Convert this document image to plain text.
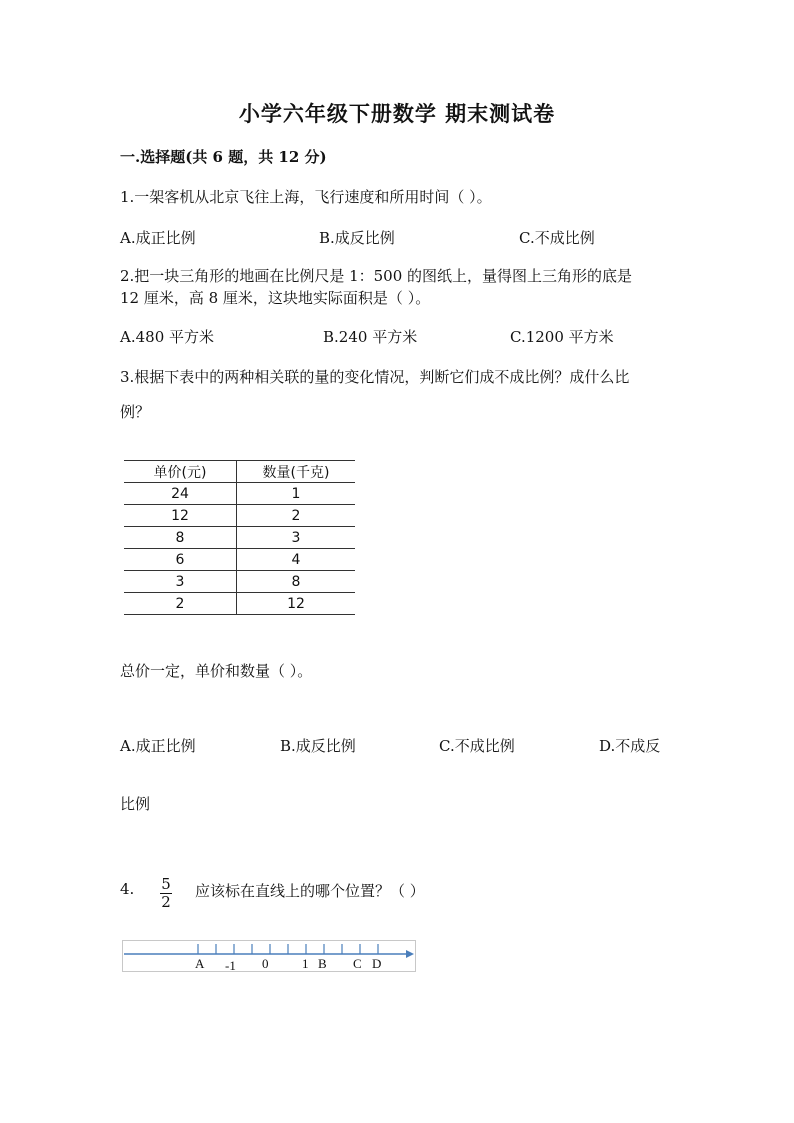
小学六年级下册数学 期末测试卷
一.选择题(共 6 题，共 12 分)
1.一架客机从北京飞往上海，飞行速度和所用时间（ ）。
A.成正比例	B.成反比例	C.不成比例
2.把一块三角形的地画在比例尺是 1：500 的图纸上，量得图上三角形的底是
12 厘米，高 8 厘米，这块地实际面积是（ ）。
A.480 平方米	B.240 平方米	C.1200 平方米
3.根据下表中的两种相关联的量的变化情况，判断它们成不成比例？成什么比
例？
单价(元)	数量(千克)
24	1
12	2
8	3
6	4
3	8
2	12
总价一定，单价和数量（ ）。
A.成正比例	B.成反比例	C.不成比例	D.不成反
比例
4. 5
2
应该标在直线上的哪个位置？（ ）
A -1 0	1 B C D
